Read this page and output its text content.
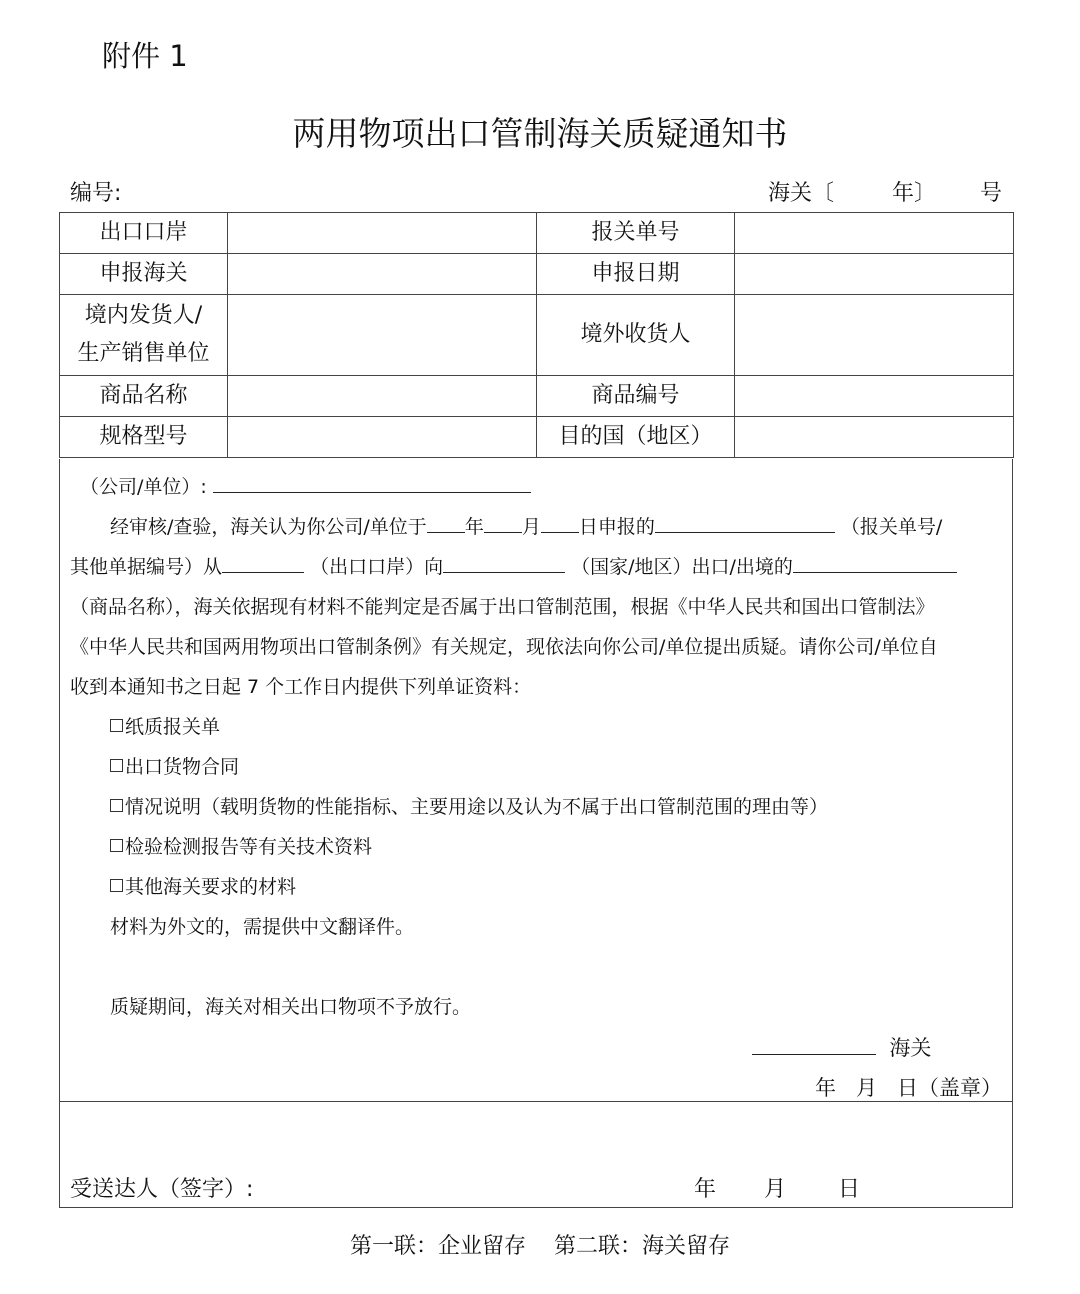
附件 1
两用物项出口管制海关质疑通知书
编号:	海关〔	年〕 号
出口口岸		报关单号	
申报海关		申报日期	
境内发货人/
生产销售单位		境外收货人	
商品名称		商品编号	
规格型号		目的国（地区）	
（公司/单位）:
经审核/查验，海关认为你公司/单位于 年 月 日申报的	（报关单号/
其他单据编号）从	（出口口岸）向	（国家/地区）出口/出境的
（商品名称），海关依据现有材料不能判定是否属于出口管制范围，根据《中华人民共和国出口管制法》
《中华人民共和国两用物项出口管制条例》有关规定，现依法向你公司/单位提出质疑。请你公司/单位自
收到本通知书之日起 7 个工作日内提供下列单证资料：
纸质报关单
出口货物合同
情况说明（载明货物的性能指标、主要用途以及认为不属于出口管制范围的理由等）
检验检测报告等有关技术资料
其他海关要求的材料
材料为外文的，需提供中文翻译件。
质疑期间，海关对相关出口物项不予放行。
海关
年   月   日（盖章）
受送达人（签字）:	年 月 日
第一联：企业留存    第二联：海关留存
